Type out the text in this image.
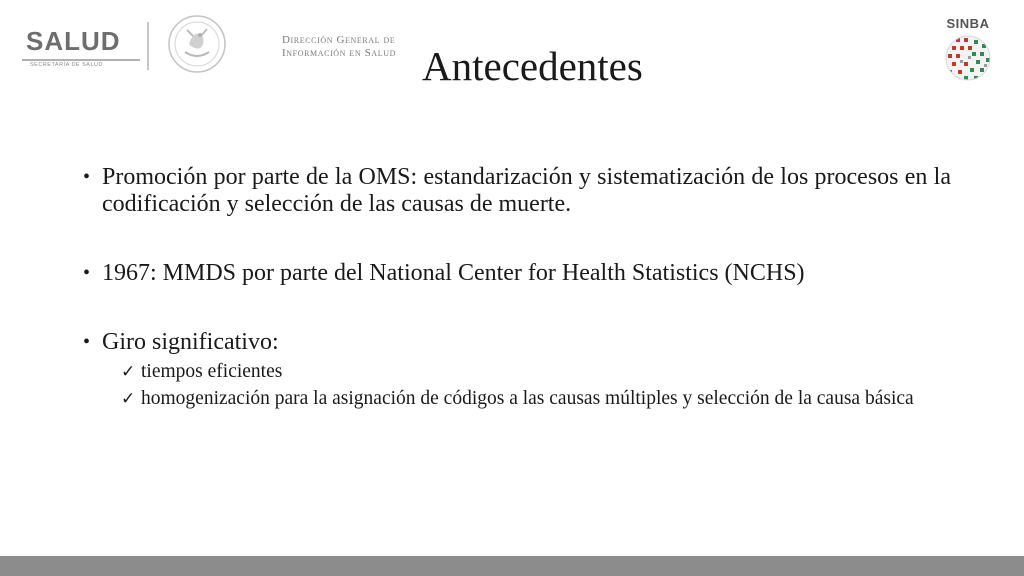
SALUD
SECRETARÍA DE SALUD
Dirección General de
Información en Salud
SINBA
Antecedentes
• Promoción por parte de la OMS: estandarización y sistematización de los procesos en la codificación y selección de las causas de muerte.
• 1967: MMDS por parte del National Center for Health Statistics (NCHS)
• Giro significativo:
✓ tiempos eficientes
✓ homogenización para la asignación de códigos a las causas múltiples y selección de la causa básica
